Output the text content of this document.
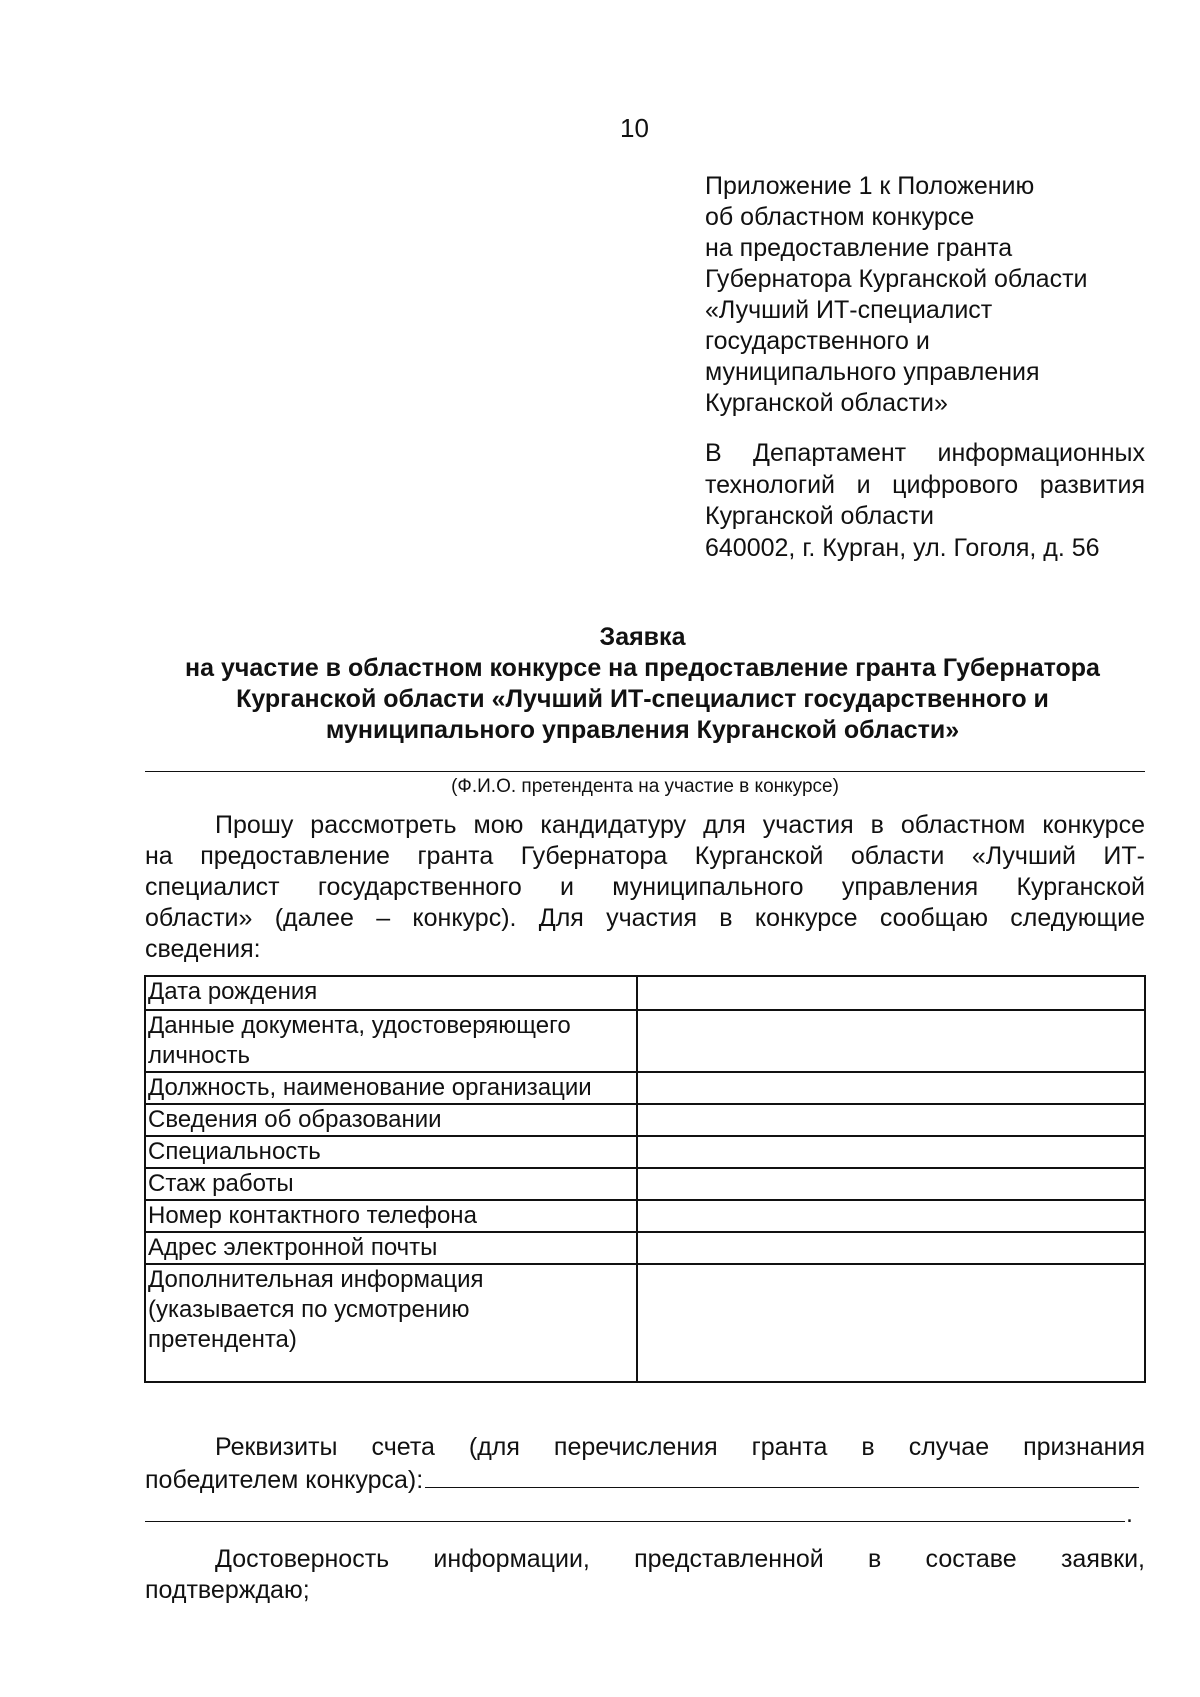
10
Приложение 1 к Положению
об областном конкурсе
на предоставление гранта
Губернатора Курганской области
«Лучший ИТ-специалист
государственного и
муниципального управления
Курганской области»
В Департамент информационных
технологий и цифрового развития
Курганской области
640002, г. Курган, ул. Гоголя, д. 56
Заявка
на участие в областном конкурсе на предоставление гранта Губернатора
Курганской области «Лучший ИТ-специалист государственного и
муниципального управления Курганской области»
(Ф.И.О. претендента на участие в конкурсе)
Прошу рассмотреть мою кандидатуру для участия в областном конкурсе
на предоставление гранта Губернатора Курганской области «Лучший ИТ-
специалист государственного и муниципального управления Курганской
области» (далее – конкурс). Для участия в конкурсе сообщаю следующие
сведения:
Дата рождения	

Данные документа, удостоверяющего
личность	

Должность, наименование организации	

Сведения об образовании	

Специальность	

Стаж работы	

Номер контактного телефона	

Адрес электронной почты	

Дополнительная информация
(указывается по усмотрению
претендента)	

Реквизиты счета (для перечисления гранта в случае признания
победителем конкурса):
.
Достоверность информации, представленной в составе заявки,
подтверждаю;
